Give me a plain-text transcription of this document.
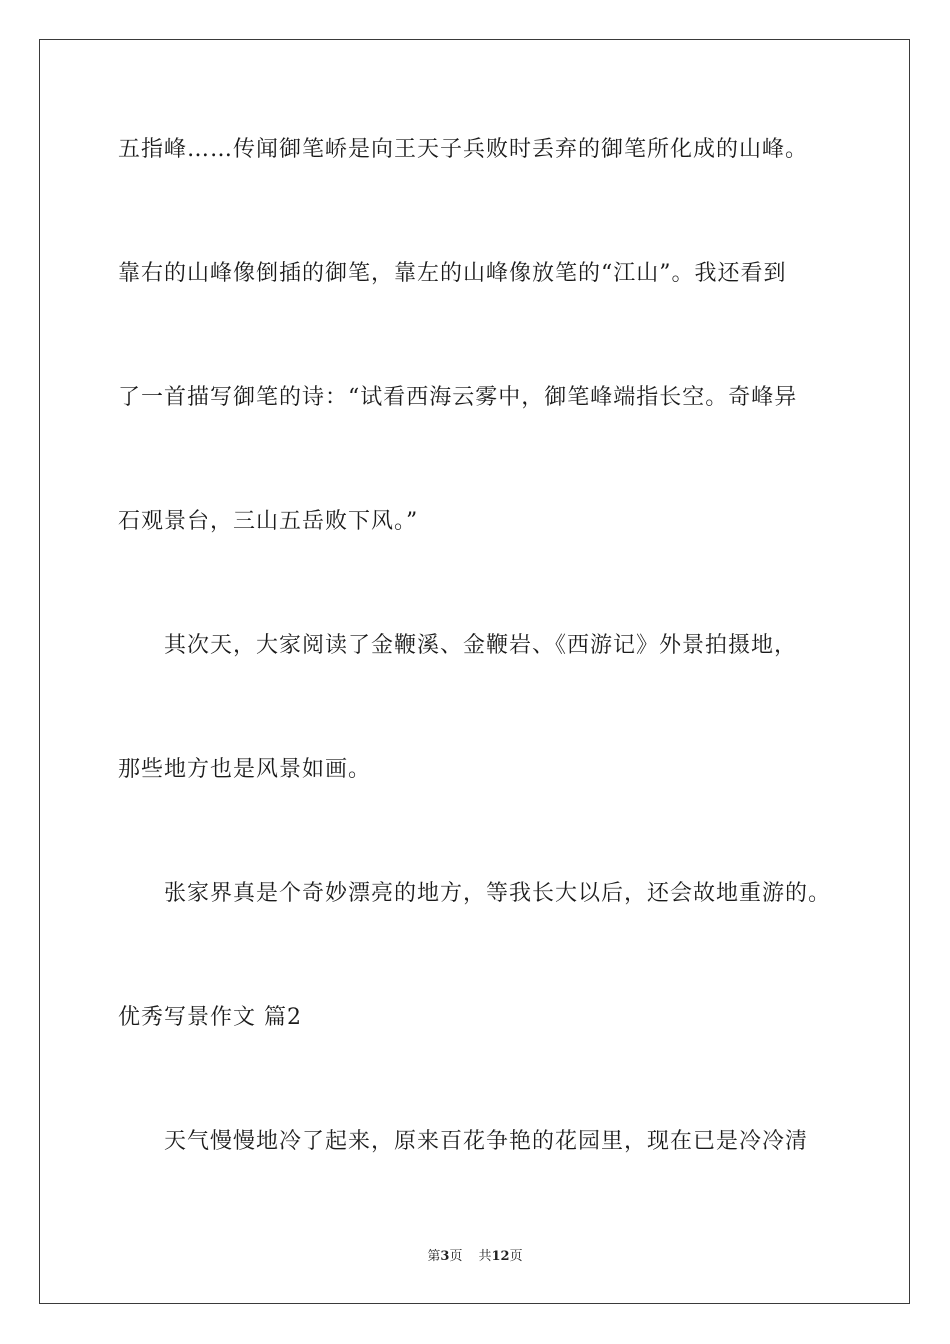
五指峰……传闻御笔峤是向王天子兵败时丢弃的御笔所化成的山峰。
靠右的山峰像倒插的御笔，靠左的山峰像放笔的“江山”。我还看到
了一首描写御笔的诗：“试看西海云雾中，御笔峰端指长空。奇峰异
石观景台，三山五岳败下风。”
其次天，大家阅读了金鞭溪、金鞭岩、《西游记》外景拍摄地，
那些地方也是风景如画。
张家界真是个奇妙漂亮的地方，等我长大以后，还会故地重游的。
优秀写景作文 篇2
天气慢慢地冷了起来，原来百花争艳的花园里，现在已是冷冷清
第3页 共12页
